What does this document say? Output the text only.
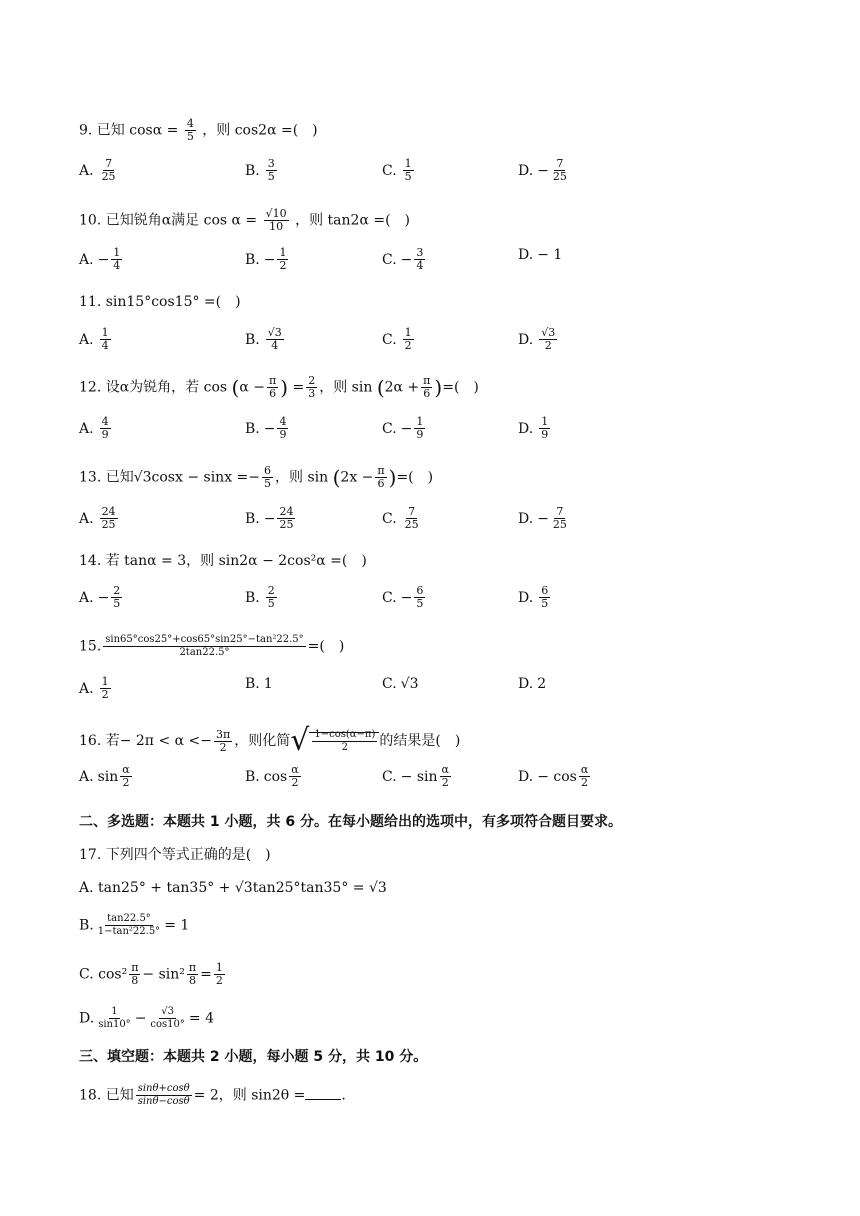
9. 已知 $\cos\alpha = \frac{4}{5}$ ，则 cos2α =(　)
A. $\frac{7}{25}$	B. $\frac{3}{5}$	C. $\frac{1}{5}$	D. − $\frac{7}{25}$
10. 已知锐角α满足 $\cos \alpha = \frac{√10}{10}$ ，则 tan2α =(　)
A. − $\frac{1}{4}$	B. − $\frac{1}{2}$	C. − $\frac{3}{4}$	D. − 1
11. sin15°cos15° =(　)
A. $\frac{1}{4}$	B. $\frac{√3}{4}$	C. $\frac{1}{2}$	D. $\frac{√3}{2}$
12. 设α为锐角，若 $\cos (\alpha - \frac{\pi}{6}$ ) = $\frac{2}{3}$ ，则 $\sin (2\alpha + \frac{\pi}{6}$ )=(　)
A. $\frac{4}{9}$	B. − $\frac{4}{9}$	C. − $\frac{1}{9}$	D. $\frac{1}{9}$
13. 已知$√3\cos x - \sin x =- \frac{6}{5}$ ，则 $\sin (2x - \frac{\pi}{6}$ )=(　)
A. $\frac{24}{25}$	B. − $\frac{24}{25}$	C. $\frac{7}{25}$	D. − $\frac{7}{25}$
14. 若 tanα = 3，则 sin2α − 2cos²α =(　)
A. − $\frac{2}{5}$	B. $\frac{2}{5}$	C. − $\frac{6}{5}$	D. $\frac{6}{5}$
15. $\frac{\text{sin65°cos25°+cos65°sin25°−tan²22.5°}}{2\tan 22.5^\circ}$ =(　)
A. $\frac{1}{2}$	B. 1	C. √3	D. 2
16. 若− $2\pi < \alpha <- \frac{3\pi}{2}$ ，则化简√ $\frac{1-\cos(\alpha-\pi)}{2}$ 的结果是(　)
A. $\sin \frac{\alpha}{2}$	B. $\cos \frac{\alpha}{2}$	C. − $\sin \frac{\alpha}{2}$	D. − $\cos \frac{\alpha}{2}$
二、多选题：本题共 1 小题，共 6 分。在每小题给出的选项中，有多项符合题目要求。
17. 下列四个等式正确的是(　)
A. tan25° + tan35° + √3tan25°tan35° = √3
B. $\frac{\tan 22.5^\circ}{\text{1−tan²22.5°}} = 1$
C. $\cos^2 \frac{\pi}{8} - \sin^2 \frac{\pi}{8} = \frac{1}{2}$
D. $\frac{1}{\sin 10^\circ} - \frac{√3}{\cos 10^\circ} = 4$
三、填空题：本题共 2 小题，每小题 5 分，共 10 分。
18. 已知 $\frac{\sin\theta+\cos\theta}{\sin\theta-\cos\theta} = 2$，则 sin2θ =	.
